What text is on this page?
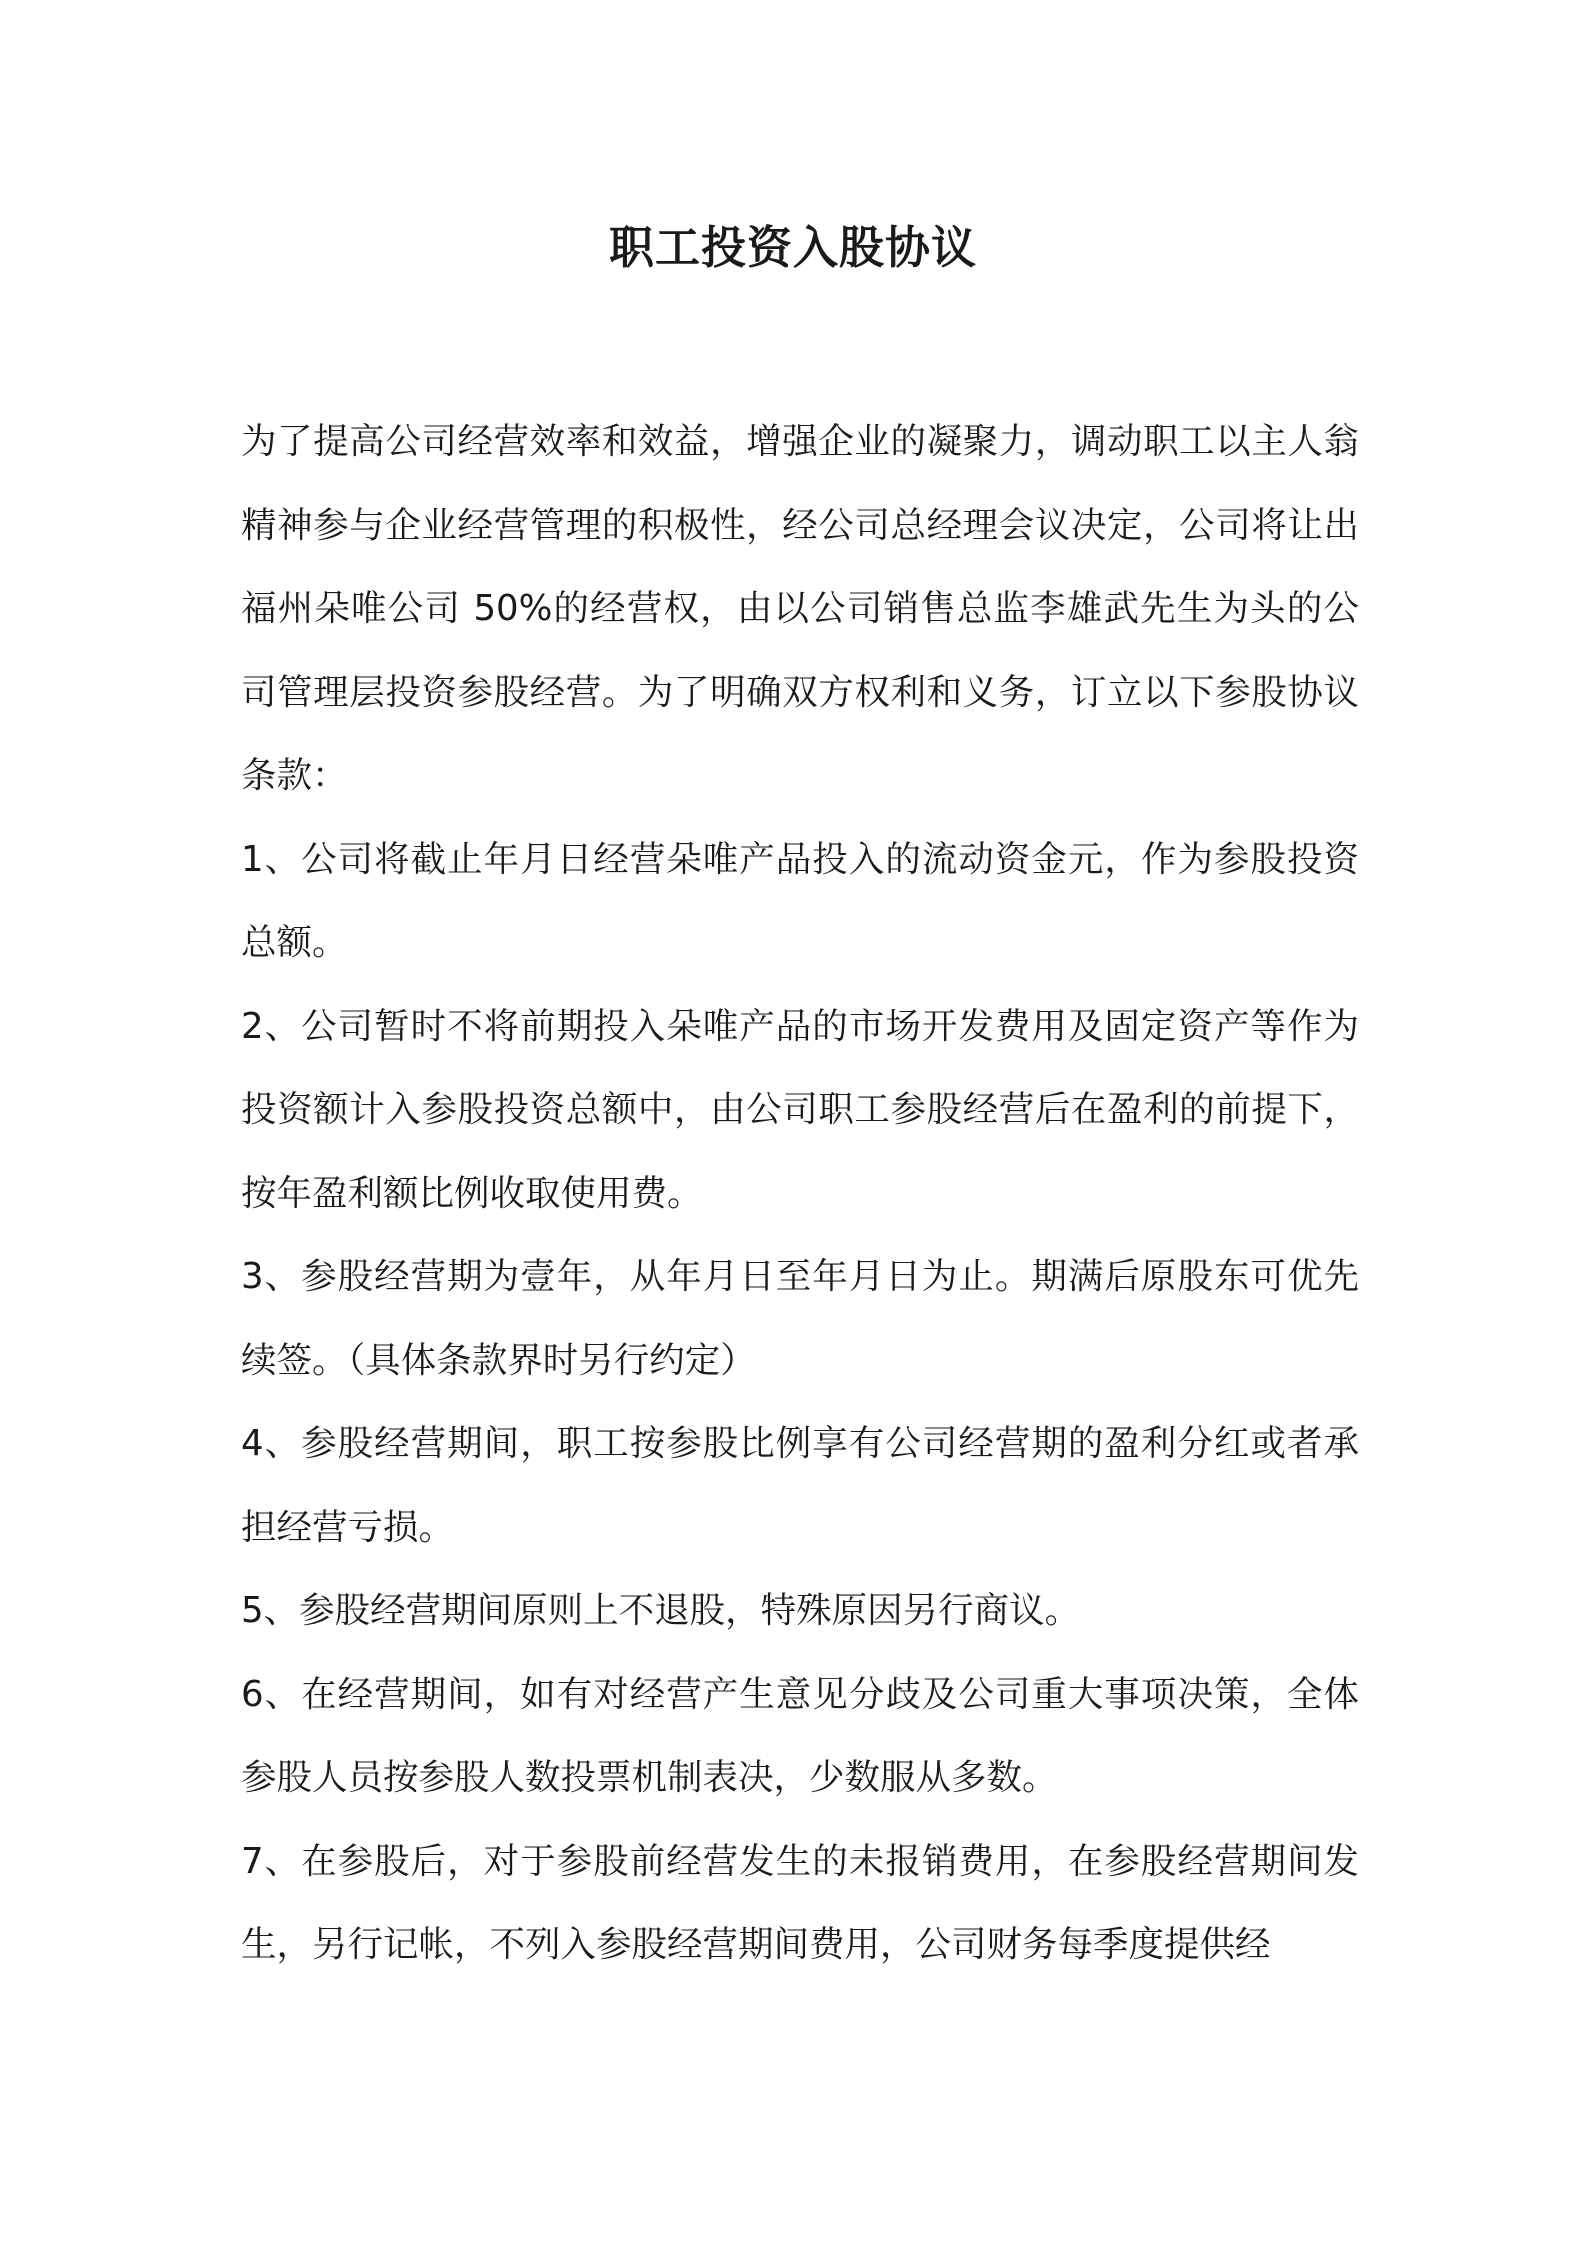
职工投资入股协议

为了提高公司经营效率和效益，增强企业的凝聚力，调动职工以主人翁精神参与企业经营管理的积极性，经公司总经理会议决定，公司将让出福州朵唯公司 50%的经营权，由以公司销售总监李雄武先生为头的公司管理层投资参股经营。为了明确双方权利和义务，订立以下参股协议条款：

1、公司将截止年月日经营朵唯产品投入的流动资金元，作为参股投资总额。

2、公司暂时不将前期投入朵唯产品的市场开发费用及固定资产等作为投资额计入参股投资总额中，由公司职工参股经营后在盈利的前提下，按年盈利额比例收取使用费。

3、参股经营期为壹年，从年月日至年月日为止。期满后原股东可优先续签。（具体条款界时另行约定）

4、参股经营期间，职工按参股比例享有公司经营期的盈利分红或者承担经营亏损。

5、参股经营期间原则上不退股，特殊原因另行商议。

6、在经营期间，如有对经营产生意见分歧及公司重大事项决策，全体参股人员按参股人数投票机制表决，少数服从多数。

7、在参股后，对于参股前经营发生的未报销费用，在参股经营期间发生，另行记帐，不列入参股经营期间费用，公司财务每季度提供经
